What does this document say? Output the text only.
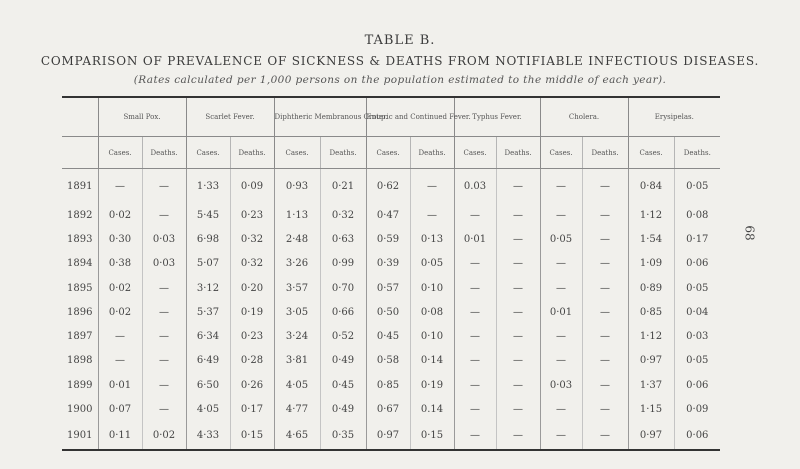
TABLE B.
COMPARISON OF PREVALENCE OF SICKNESS & DEATHS FROM NOTIFIABLE INFECTIOUS DISEASES.
(Rates calculated per 1,000 persons on the population estimated to the middle of each year).
68
	Small Pox.		Scarlet Fever.		Diphtheric Membranous Croup.		Enteric and Continued Fever.		Typhus Fever.		Cholera.		Erysipelas.	
	Cases.	Deaths.	Cases.	Deaths.	Cases.	Deaths.	Cases.	Deaths.	Cases.	Deaths.	Cases.	Deaths.	Cases.	Deaths.
1891	—	—	1·33	0·09	0·93	0·21	0·62	—	0.03	—	—	—	0·84	0·05
1892	0·02	—	5·45	0·23	1·13	0·32	0·47	—	—	—	—	—	1·12	0·08
1893	0·30	0·03	6·98	0·32	2·48	0·63	0·59	0·13	0·01	—	0·05	—	1·54	0·17
1894	0·38	0·03	5·07	0·32	3·26	0·99	0·39	0·05	—	—	—	—	1·09	0·06
1895	0·02	—	3·12	0·20	3·57	0·70	0·57	0·10	—	—	—	—	0·89	0·05
1896	0·02	—	5·37	0·19	3·05	0·66	0·50	0·08	—	—	0·01	—	0·85	0·04
1897	—	—	6·34	0·23	3·24	0·52	0·45	0·10	—	—	—	—	1·12	0·03
1898	—	—	6·49	0·28	3·81	0·49	0·58	0·14	—	—	—	—	0·97	0·05
1899	0·01	—	6·50	0·26	4·05	0·45	0·85	0·19	—	—	0·03	—	1·37	0·06
1900	0·07	—	4·05	0·17	4·77	0·49	0·67	0.14	—	—	—	—	1·15	0·09
1901	0·11	0·02	4·33	0·15	4·65	0·35	0·97	0·15	—	—	—	—	0·97	0·06
